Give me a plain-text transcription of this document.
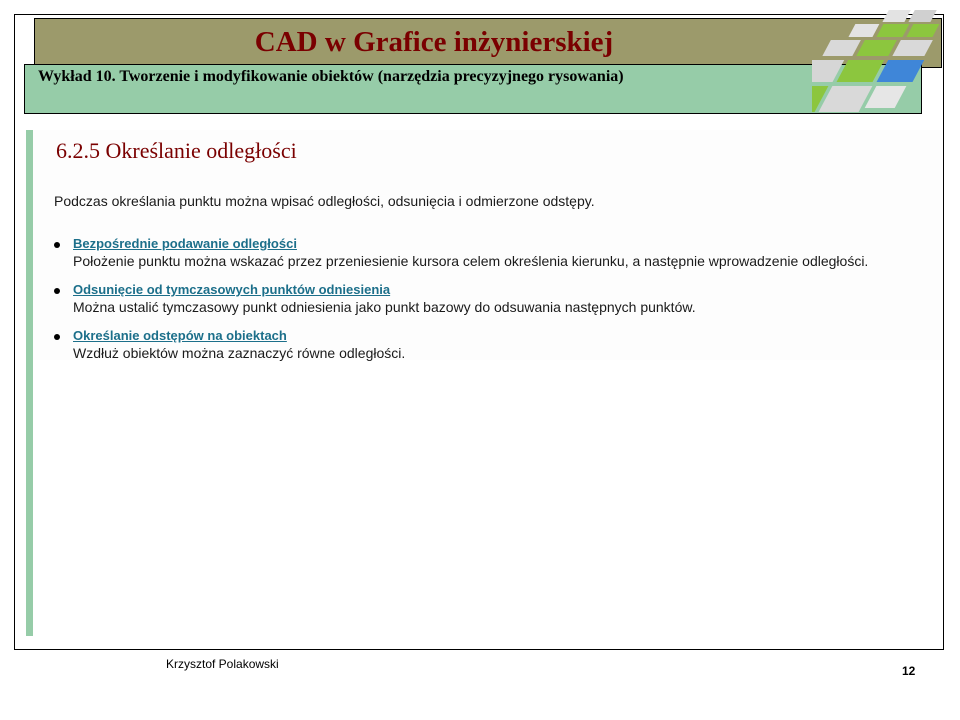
CAD w Grafice inżynierskiej
Wykład 10. Tworzenie i modyfikowanie obiektów (narzędzia precyzyjnego rysowania)
6.2.5 Określanie odległości
Podczas określania punktu można wpisać odległości, odsunięcia i odmierzone odstępy.
Bezpośrednie podawanie odległości
Położenie punktu można wskazać przez przeniesienie kursora celem określenia kierunku, a następnie wprowadzenie odległości.
Odsunięcie od tymczasowych punktów odniesienia
Można ustalić tymczasowy punkt odniesienia jako punkt bazowy do odsuwania następnych punktów.
Określanie odstępów na obiektach
Wzdłuż obiektów można zaznaczyć równe odległości.
Krzysztof Polakowski	12
